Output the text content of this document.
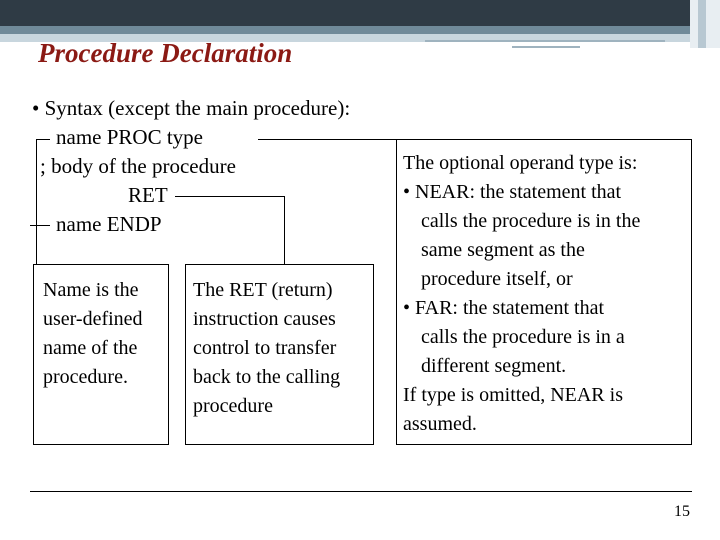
Procedure Declaration
• Syntax (except the main procedure):
name PROC type
; body of the procedure
RET
name ENDP

Name is the

user-defined

name of the

procedure.

The RET (return)

instruction causes

control to transfer

back to the calling

procedure

The optional operand type is:

• NEAR: the statement that

calls the procedure is in the

same segment as the

procedure itself, or

• FAR: the statement that

calls the procedure is in a

different segment.

If type is omitted, NEAR is

assumed.

15
